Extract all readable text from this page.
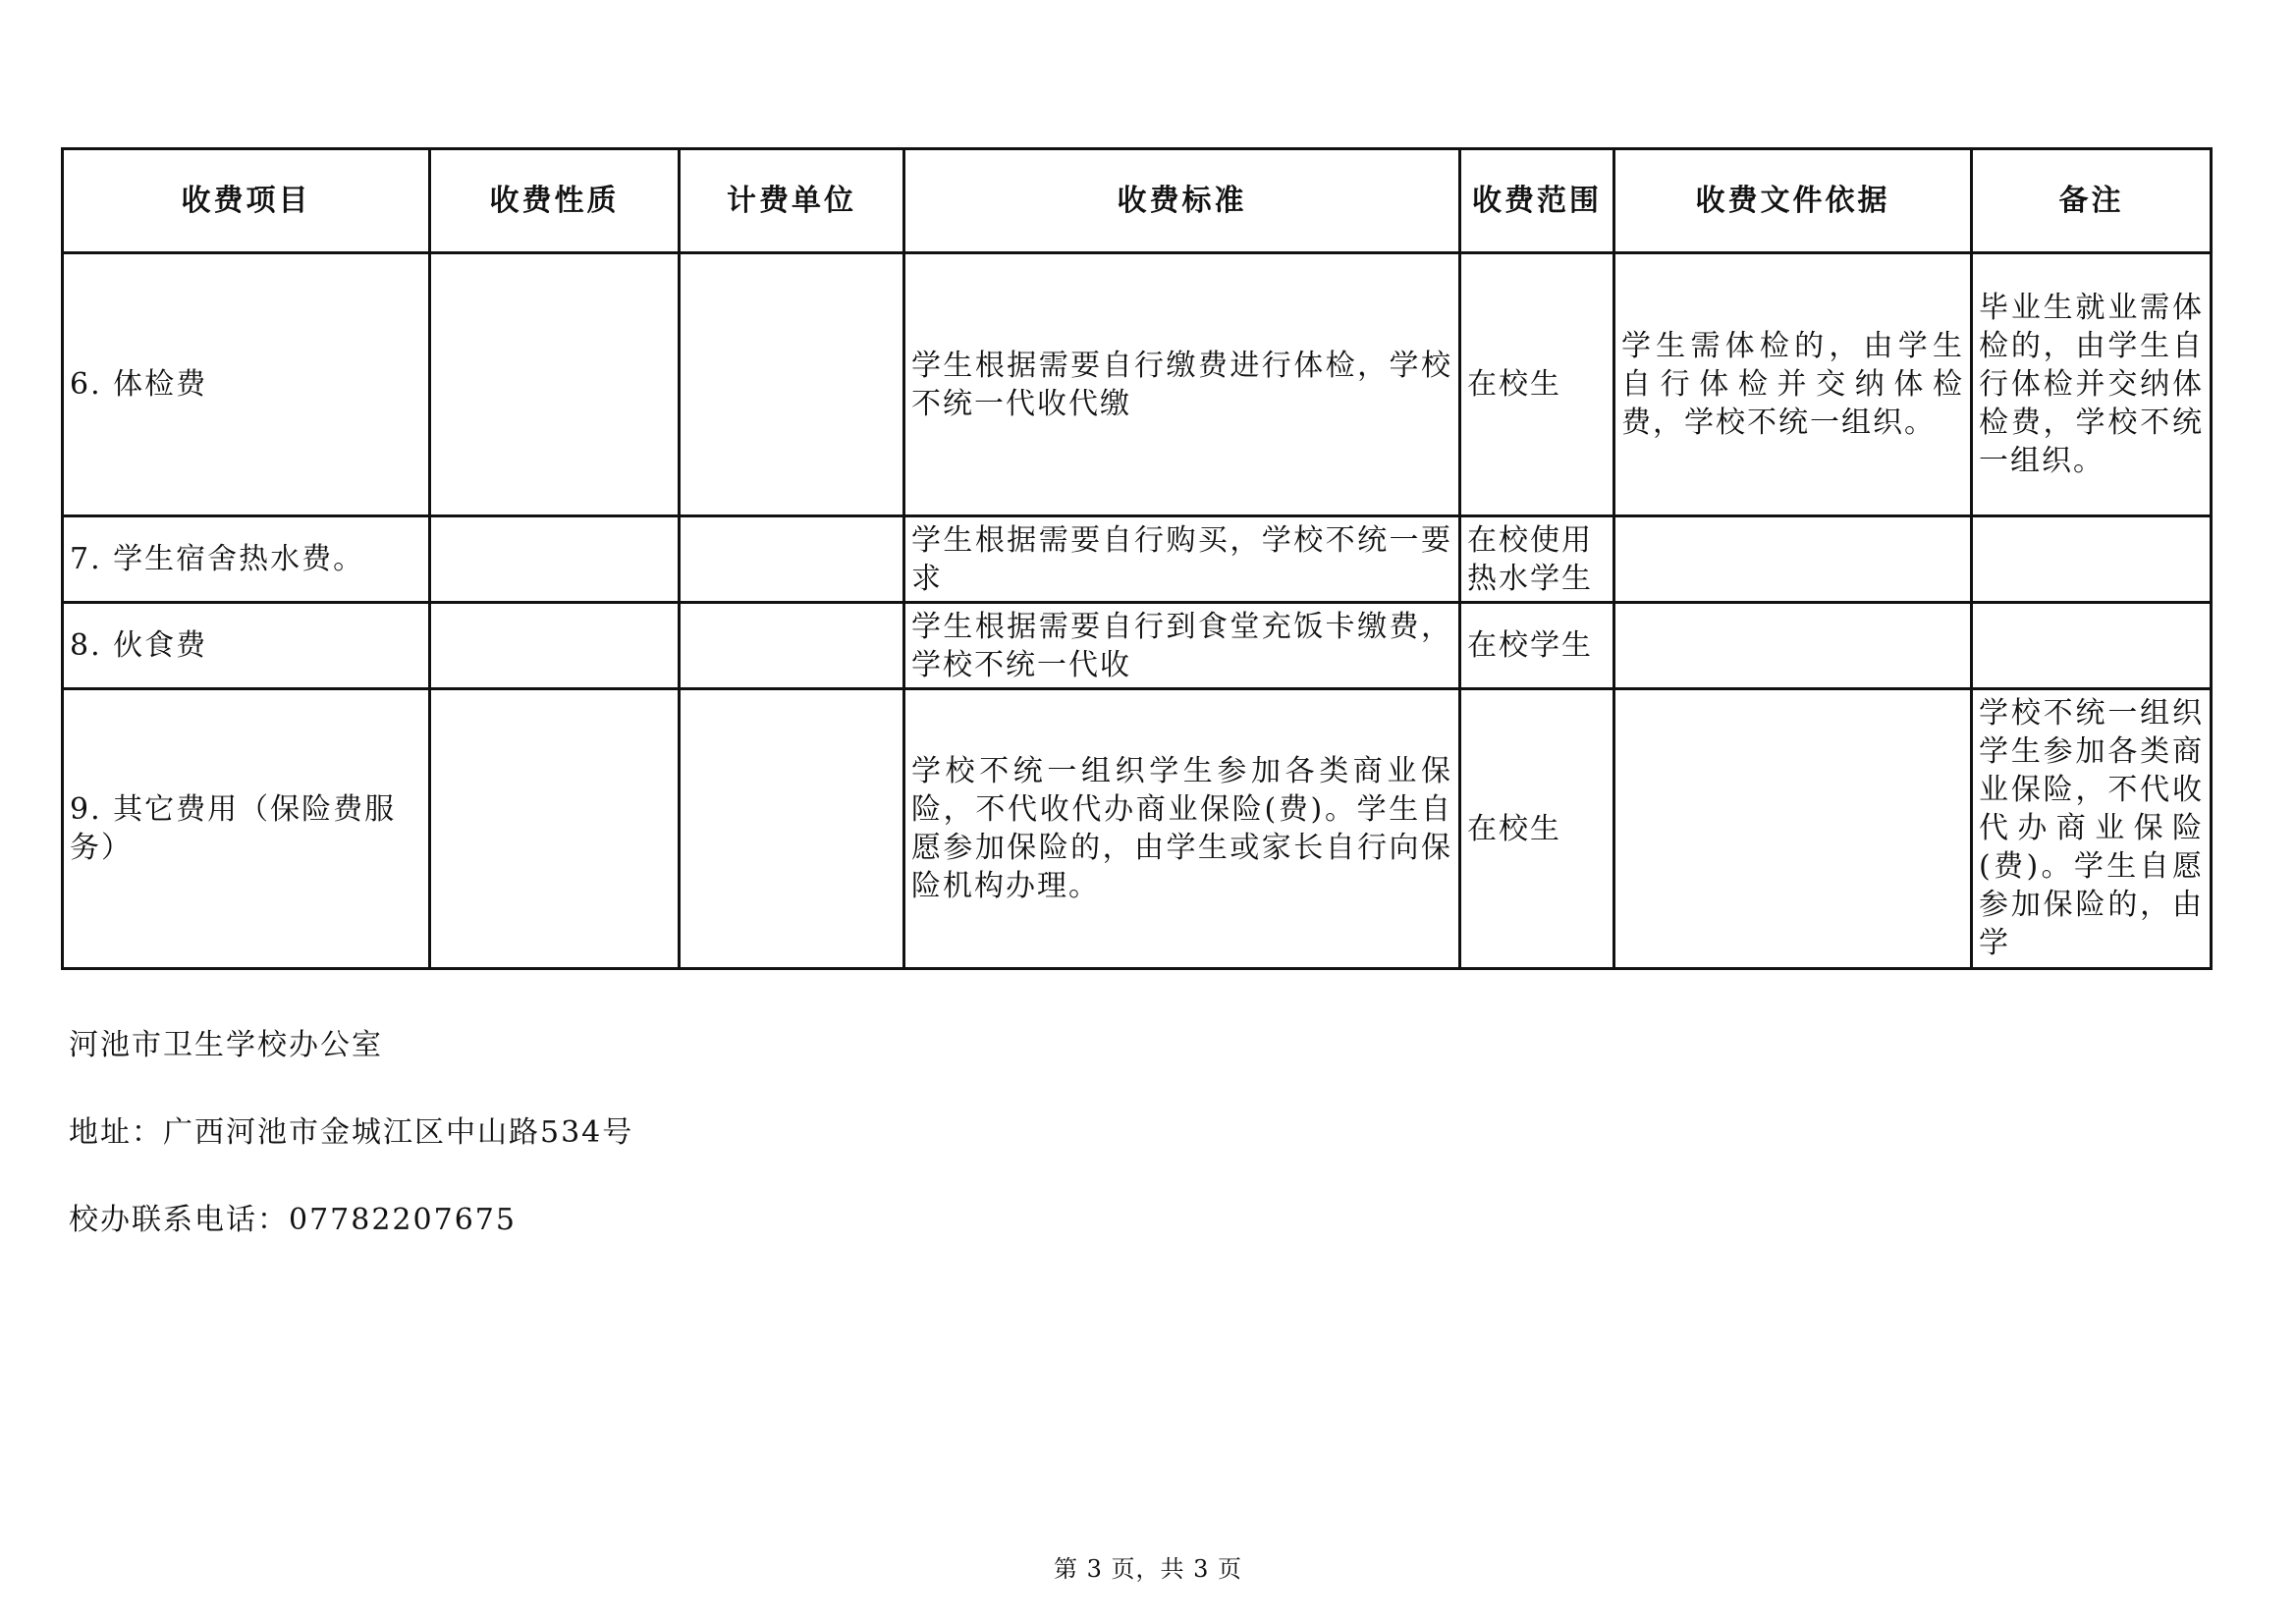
收费项目	收费性质	计费单位	收费标准	收费范围	收费文件依据	备注
6. 体检费			学生根据需要自行缴费进行体检，学校不统一代收代缴	在校生	学生需体检的，由学生自行体检并交纳体检费，学校不统一组织。	毕业生就业需体检的，由学生自行体检并交纳体检费，学校不统一组织。
7. 学生宿舍热水费。			学生根据需要自行购买，学校不统一要求	在校使用热水学生		
8. 伙食费			学生根据需要自行到食堂充饭卡缴费，学校不统一代收	在校学生		
9. 其它费用（保险费服务）			学校不统一组织学生参加各类商业保险，不代收代办商业保险(费)。学生自愿参加保险的，由学生或家长自行向保险机构办理。	在校生		学校不统一组织学生参加各类商业保险，不代收代办商业保险(费)。学生自愿参加保险的，由学
河池市卫生学校办公室
地址：广西河池市金城江区中山路534号
校办联系电话：07782207675
第 3 页，共 3 页
